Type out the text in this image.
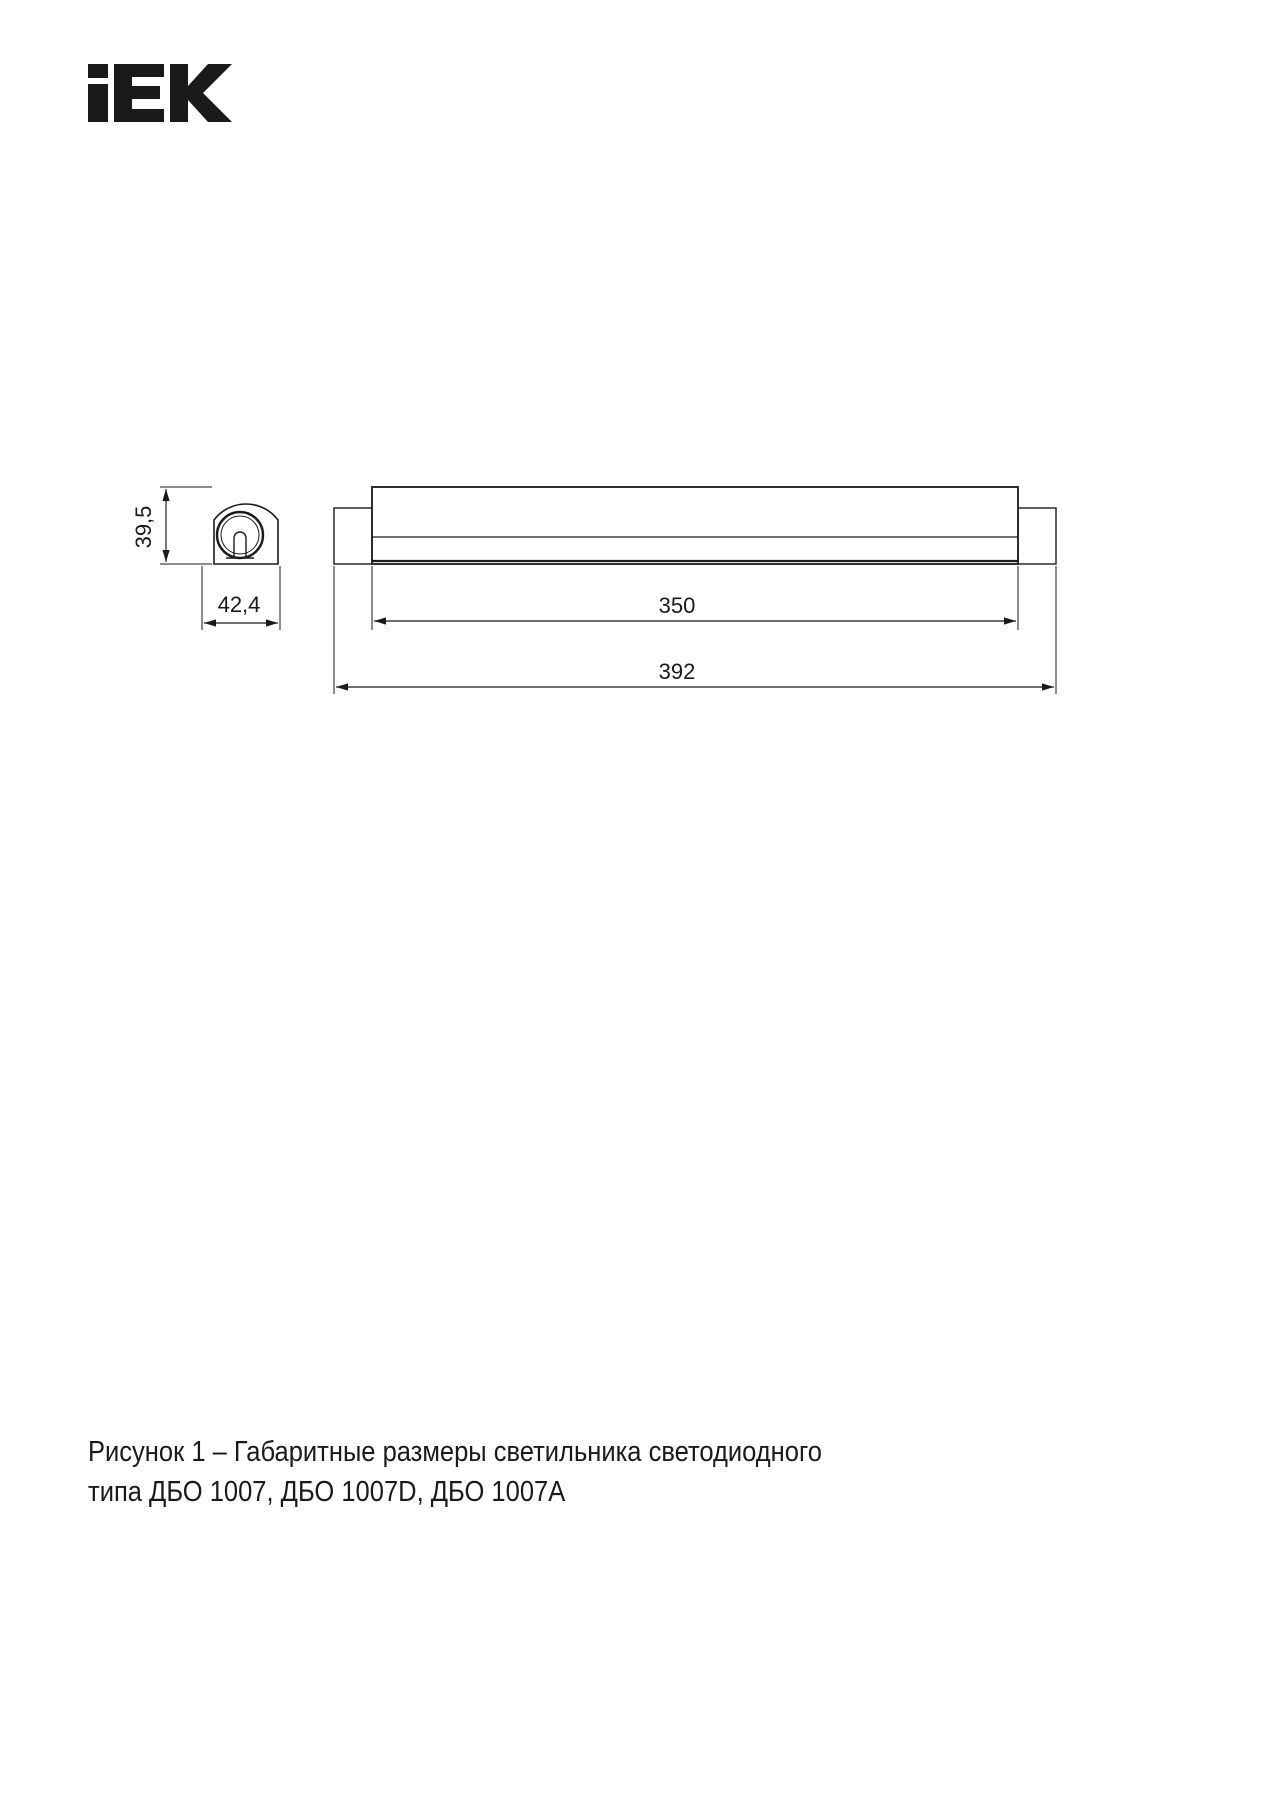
39,5
42,4	350
392
Рисунок 1 – Габаритные размеры светильника светодиодного
типа ДБО 1007, ДБО 1007D, ДБО 1007A
